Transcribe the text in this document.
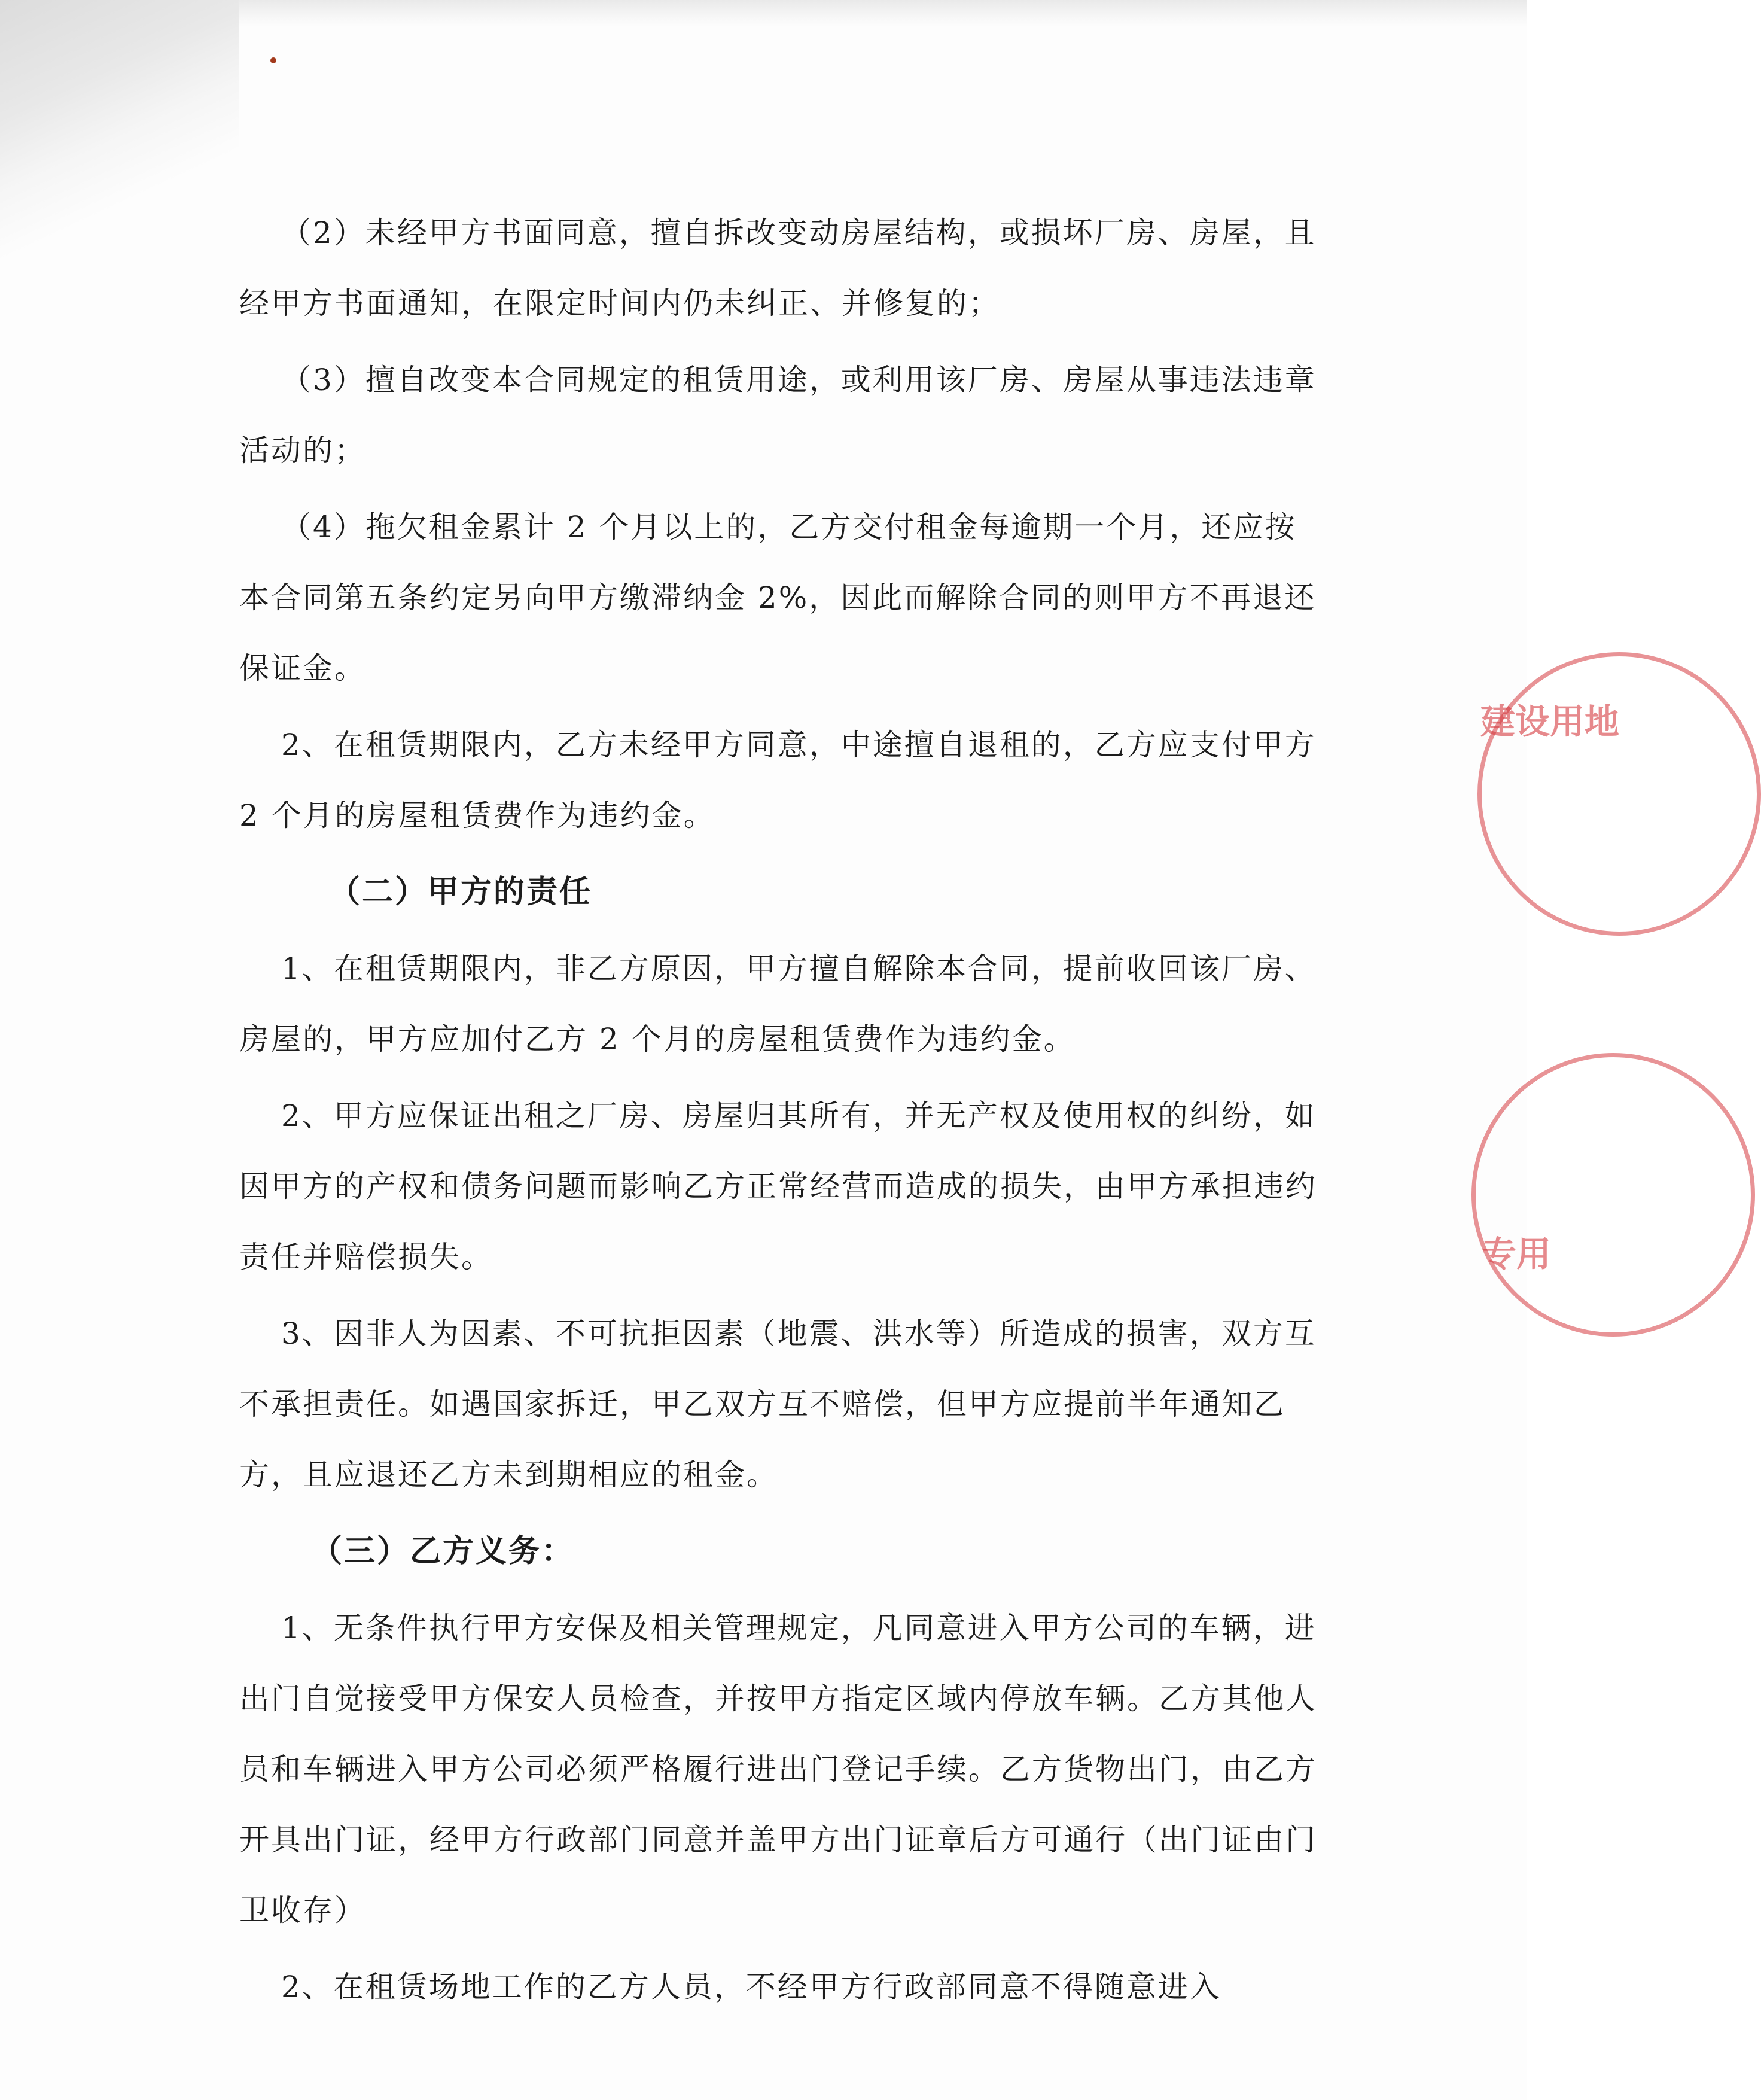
（2）未经甲方书面同意，擅自拆改变动房屋结构，或损坏厂房、房屋，且经甲方书面通知，在限定时间内仍未纠正、并修复的；

（3）擅自改变本合同规定的租赁用途，或利用该厂房、房屋从事违法违章活动的；

（4）拖欠租金累计 2 个月以上的，乙方交付租金每逾期一个月，还应按本合同第五条约定另向甲方缴滞纳金 2%，因此而解除合同的则甲方不再退还保证金。

2、在租赁期限内，乙方未经甲方同意，中途擅自退租的，乙方应支付甲方 2 个月的房屋租赁费作为违约金。

（二）甲方的责任

1、在租赁期限内，非乙方原因，甲方擅自解除本合同，提前收回该厂房、房屋的，甲方应加付乙方 2 个月的房屋租赁费作为违约金。

2、甲方应保证出租之厂房、房屋归其所有，并无产权及使用权的纠纷，如因甲方的产权和债务问题而影响乙方正常经营而造成的损失，由甲方承担违约责任并赔偿损失。

3、因非人为因素、不可抗拒因素（地震、洪水等）所造成的损害，双方互不承担责任。如遇国家拆迁，甲乙双方互不赔偿，但甲方应提前半年通知乙方，且应退还乙方未到期相应的租金。

（三）乙方义务：

1、无条件执行甲方安保及相关管理规定，凡同意进入甲方公司的车辆，进出门自觉接受甲方保安人员检查，并按甲方指定区域内停放车辆。乙方其他人员和车辆进入甲方公司必须严格履行进出门登记手续。乙方货物出门，由乙方开具出门证，经甲方行政部门同意并盖甲方出门证章后方可通行（出门证由门卫收存）

2、在租赁场地工作的乙方人员，不经甲方行政部同意不得随意进入

建设用地
专用
